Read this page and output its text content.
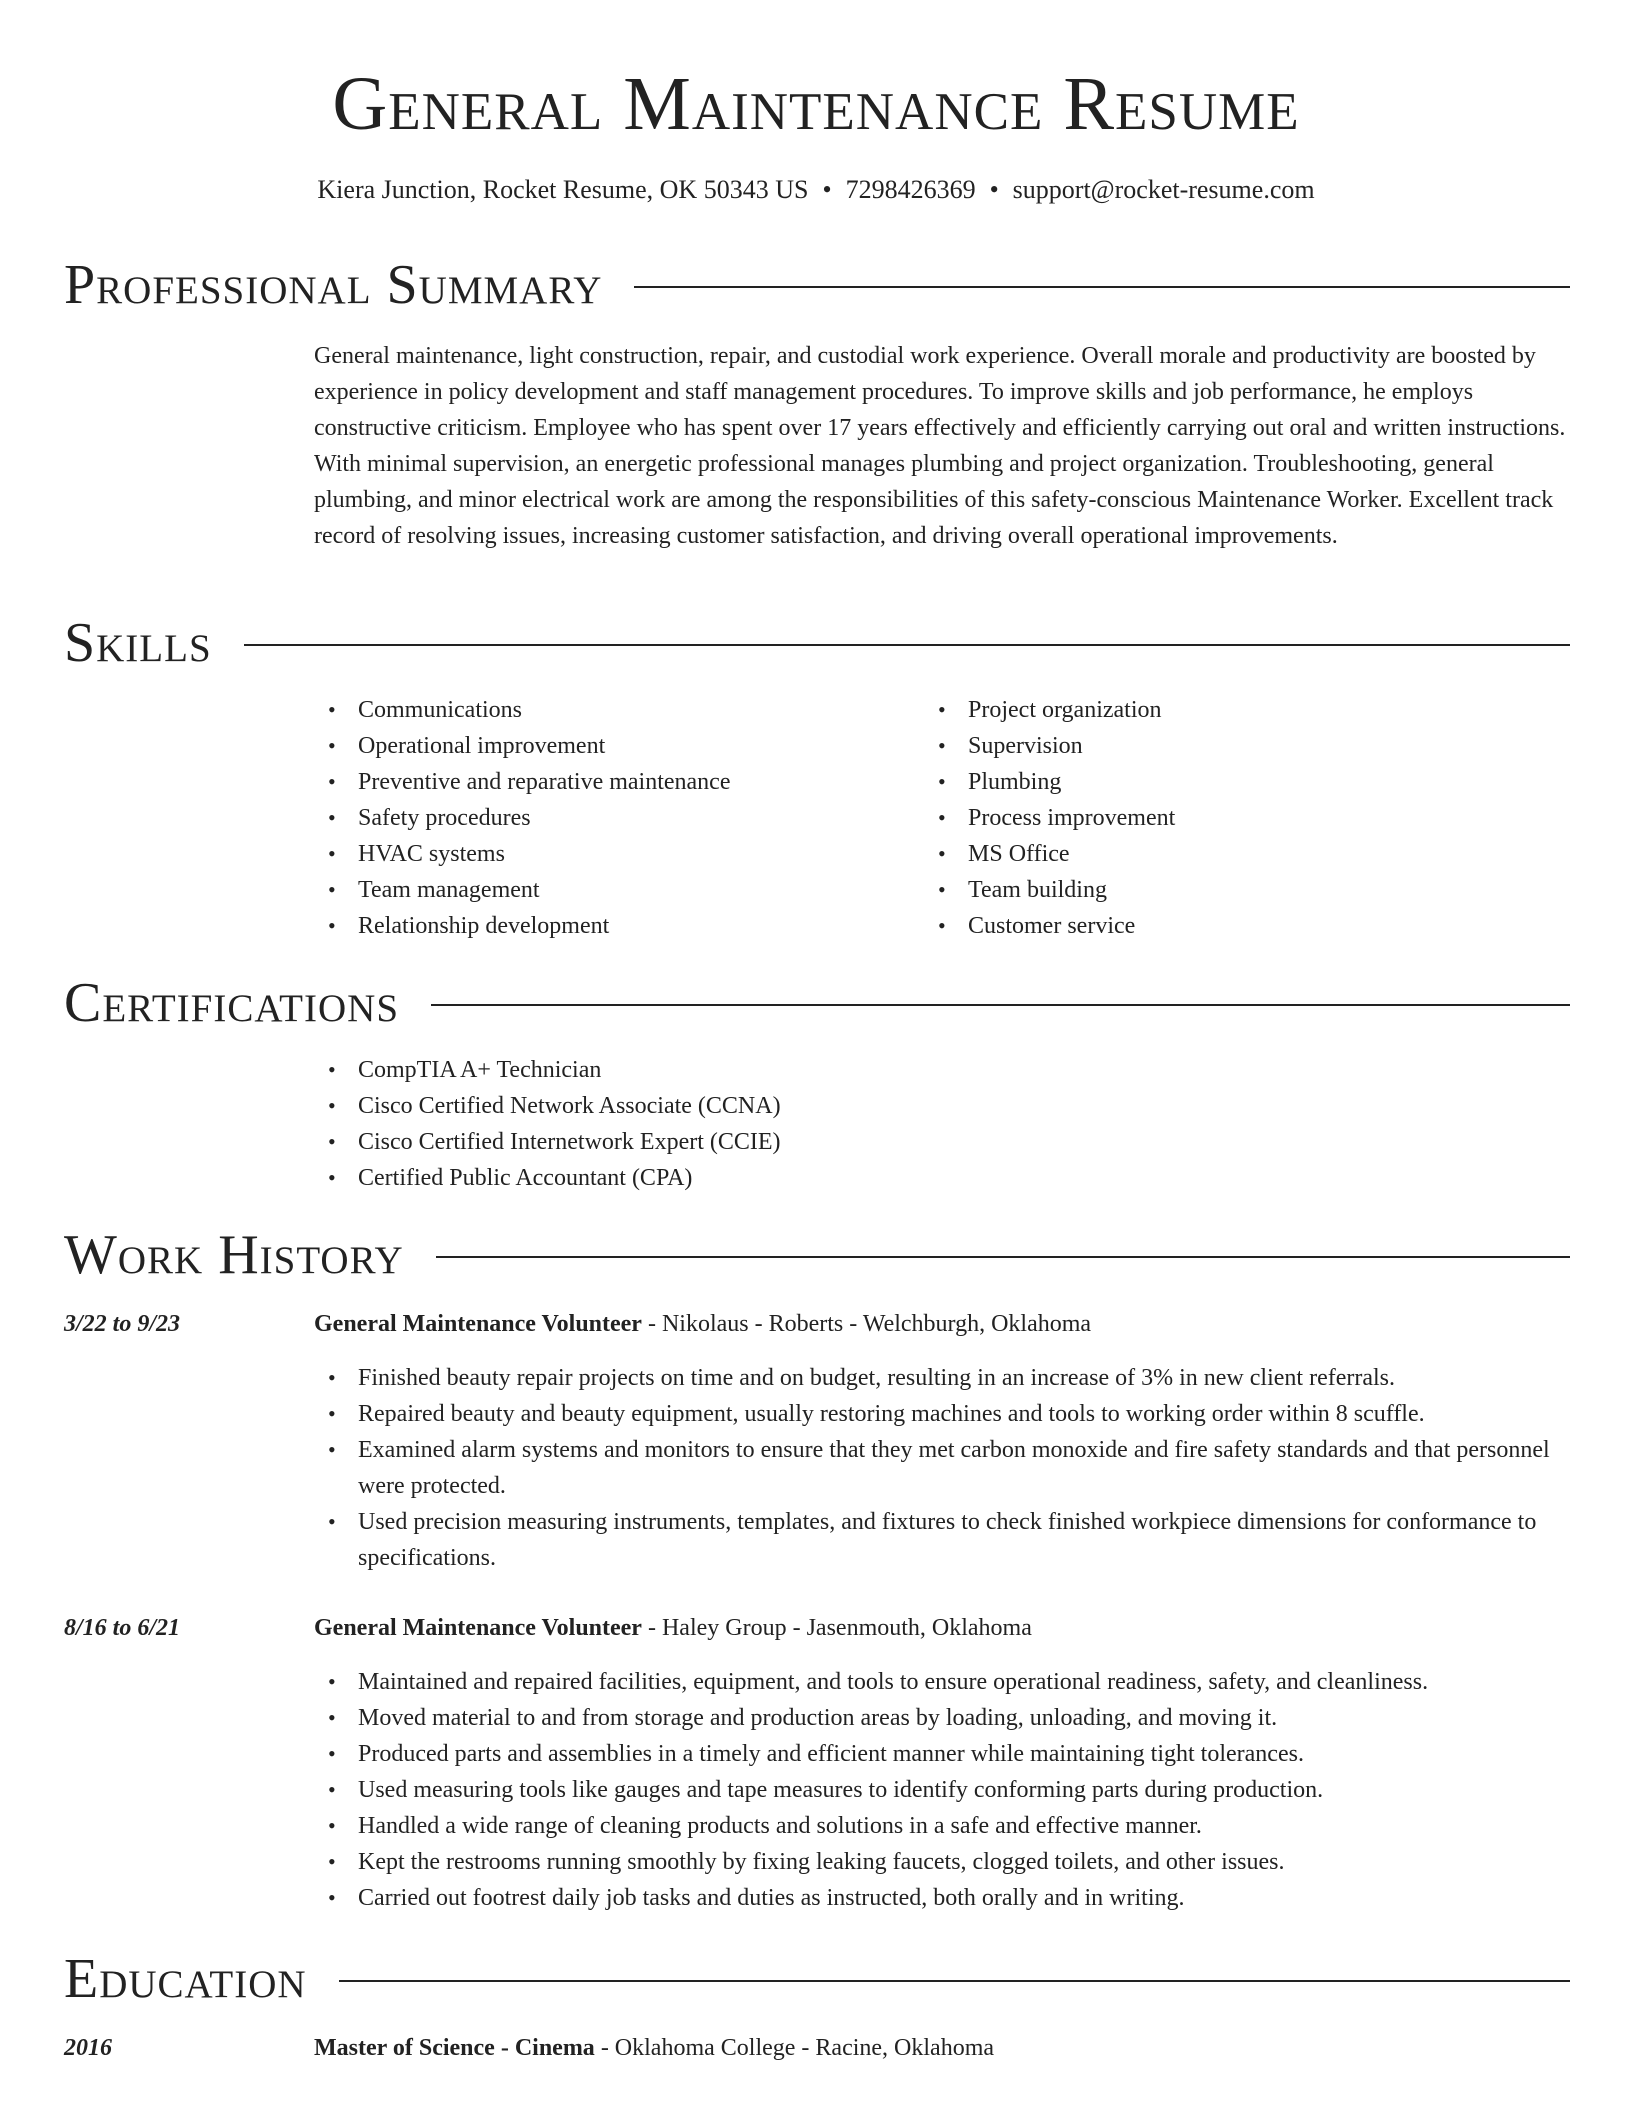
General Maintenance Resume
Kiera Junction, Rocket Resume, OK 50343 US • 7298426369 • support@rocket-resume.com
Professional Summary

General maintenance, light construction, repair, and custodial work experience. Overall morale and productivity are boosted by experience in policy development and staff management procedures. To improve skills and job performance, he employs constructive criticism. Employee who has spent over 17 years effectively and efficiently carrying out oral and written instructions. With minimal supervision, an energetic professional manages plumbing and project organization. Troubleshooting, general plumbing, and minor electrical work are among the responsibilities of this safety-conscious Maintenance Worker. Excellent track record of resolving issues, increasing customer satisfaction, and driving overall operational improvements.

Skills
• Communications
• Operational improvement
• Preventive and reparative maintenance
• Safety procedures
• HVAC systems
• Team management
• Relationship development
• Project organization
• Supervision
• Plumbing
• Process improvement
• MS Office
• Team building
• Customer service
Certifications
• CompTIA A+ Technician
• Cisco Certified Network Associate (CCNA)
• Cisco Certified Internetwork Expert (CCIE)
• Certified Public Accountant (CPA)
Work History
3/22 to 9/23	General Maintenance Volunteer - Nikolaus - Roberts - Welchburgh, Oklahoma
• Finished beauty repair projects on time and on budget, resulting in an increase of 3% in new client referrals.
• Repaired beauty and beauty equipment, usually restoring machines and tools to working order within 8 scuffle.
• Examined alarm systems and monitors to ensure that they met carbon monoxide and fire safety standards and that personnel were protected.
• Used precision measuring instruments, templates, and fixtures to check finished workpiece dimensions for conformance to specifications.
8/16 to 6/21	General Maintenance Volunteer - Haley Group - Jasenmouth, Oklahoma
• Maintained and repaired facilities, equipment, and tools to ensure operational readiness, safety, and cleanliness.
• Moved material to and from storage and production areas by loading, unloading, and moving it.
• Produced parts and assemblies in a timely and efficient manner while maintaining tight tolerances.
• Used measuring tools like gauges and tape measures to identify conforming parts during production.
• Handled a wide range of cleaning products and solutions in a safe and effective manner.
• Kept the restrooms running smoothly by fixing leaking faucets, clogged toilets, and other issues.
• Carried out footrest daily job tasks and duties as instructed, both orally and in writing.
Education
2016	Master of Science - Cinema - Oklahoma College - Racine, Oklahoma
